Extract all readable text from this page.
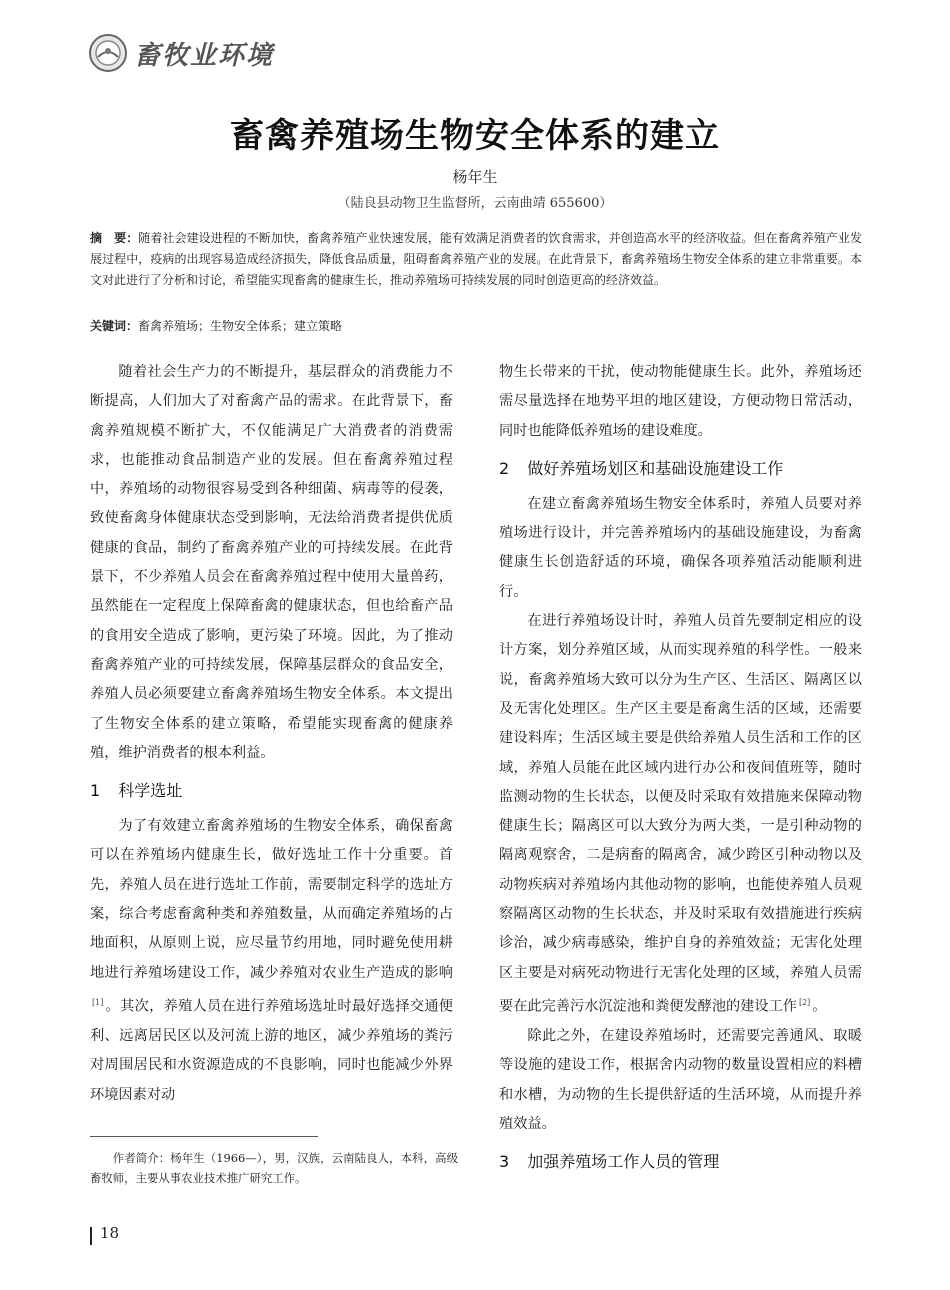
畜牧业环境
畜禽养殖场生物安全体系的建立
杨年生
（陆良县动物卫生监督所，云南曲靖 655600）
摘　要：随着社会建设进程的不断加快，畜禽养殖产业快速发展，能有效满足消费者的饮食需求，并创造高水平的经济收益。但在畜禽养殖产业发展过程中，疫病的出现容易造成经济损失，降低食品质量，阻碍畜禽养殖产业的发展。在此背景下，畜禽养殖场生物安全体系的建立非常重要。本文对此进行了分析和讨论，希望能实现畜禽的健康生长，推动养殖场可持续发展的同时创造更高的经济效益。
关键词：畜禽养殖场；生物安全体系；建立策略

随着社会生产力的不断提升，基层群众的消费能力不断提高，人们加大了对畜禽产品的需求。在此背景下，畜禽养殖规模不断扩大，不仅能满足广大消费者的消费需求，也能推动食品制造产业的发展。但在畜禽养殖过程中，养殖场的动物很容易受到各种细菌、病毒等的侵袭，致使畜禽身体健康状态受到影响，无法给消费者提供优质健康的食品，制约了畜禽养殖产业的可持续发展。在此背景下，不少养殖人员会在畜禽养殖过程中使用大量兽药，虽然能在一定程度上保障畜禽的健康状态，但也给畜产品的食用安全造成了影响，更污染了环境。因此，为了推动畜禽养殖产业的可持续发展，保障基层群众的食品安全，养殖人员必须要建立畜禽养殖场生物安全体系。本文提出了生物安全体系的建立策略，希望能实现畜禽的健康养殖，维护消费者的根本利益。

1 科学选址

为了有效建立畜禽养殖场的生物安全体系，确保畜禽可以在养殖场内健康生长，做好选址工作十分重要。首先，养殖人员在进行选址工作前，需要制定科学的选址方案，综合考虑畜禽种类和养殖数量，从而确定养殖场的占地面积，从原则上说，应尽量节约用地，同时避免使用耕地进行养殖场建设工作，减少养殖对农业生产造成的影响[1] 。其次，养殖人员在进行养殖场选址时最好选择交通便利、远离居民区以及河流上游的地区，减少养殖场的粪污对周围居民和水资源造成的不良影响，同时也能减少外界环境因素对动

物生长带来的干扰，使动物能健康生长。此外，养殖场还需尽量选择在地势平坦的地区建设，方便动物日常活动，同时也能降低养殖场的建设难度。

2 做好养殖场划区和基础设施建设工作

在建立畜禽养殖场生物安全体系时，养殖人员要对养殖场进行设计，并完善养殖场内的基础设施建设，为畜禽健康生长创造舒适的环境，确保各项养殖活动能顺利进行。

在进行养殖场设计时，养殖人员首先要制定相应的设计方案，划分养殖区域，从而实现养殖的科学性。一般来说，畜禽养殖场大致可以分为生产区、生活区、隔离区以及无害化处理区。生产区主要是畜禽生活的区域，还需要建设料库；生活区域主要是供给养殖人员生活和工作的区域，养殖人员能在此区域内进行办公和夜间值班等，随时监测动物的生长状态，以便及时采取有效措施来保障动物健康生长；隔离区可以大致分为两大类，一是引种动物的隔离观察舍，二是病畜的隔离舍，减少跨区引种动物以及动物疾病对养殖场内其他动物的影响，也能使养殖人员观察隔离区动物的生长状态，并及时采取有效措施进行疾病诊治，减少病毒感染，维护自身的养殖效益；无害化处理区主要是对病死动物进行无害化处理的区域，养殖人员需要在此完善污水沉淀池和粪便发酵池的建设工作 [2] 。

除此之外，在建设养殖场时，还需要完善通风、取暖等设施的建设工作，根据舍内动物的数量设置相应的料槽和水槽，为动物的生长提供舒适的生活环境，从而提升养殖效益。

3 加强养殖场工作人员的管理
作者简介：杨年生（1966—），男，汉族，云南陆良人，本科，高级畜牧师，主要从事农业技术推广研究工作。
18
